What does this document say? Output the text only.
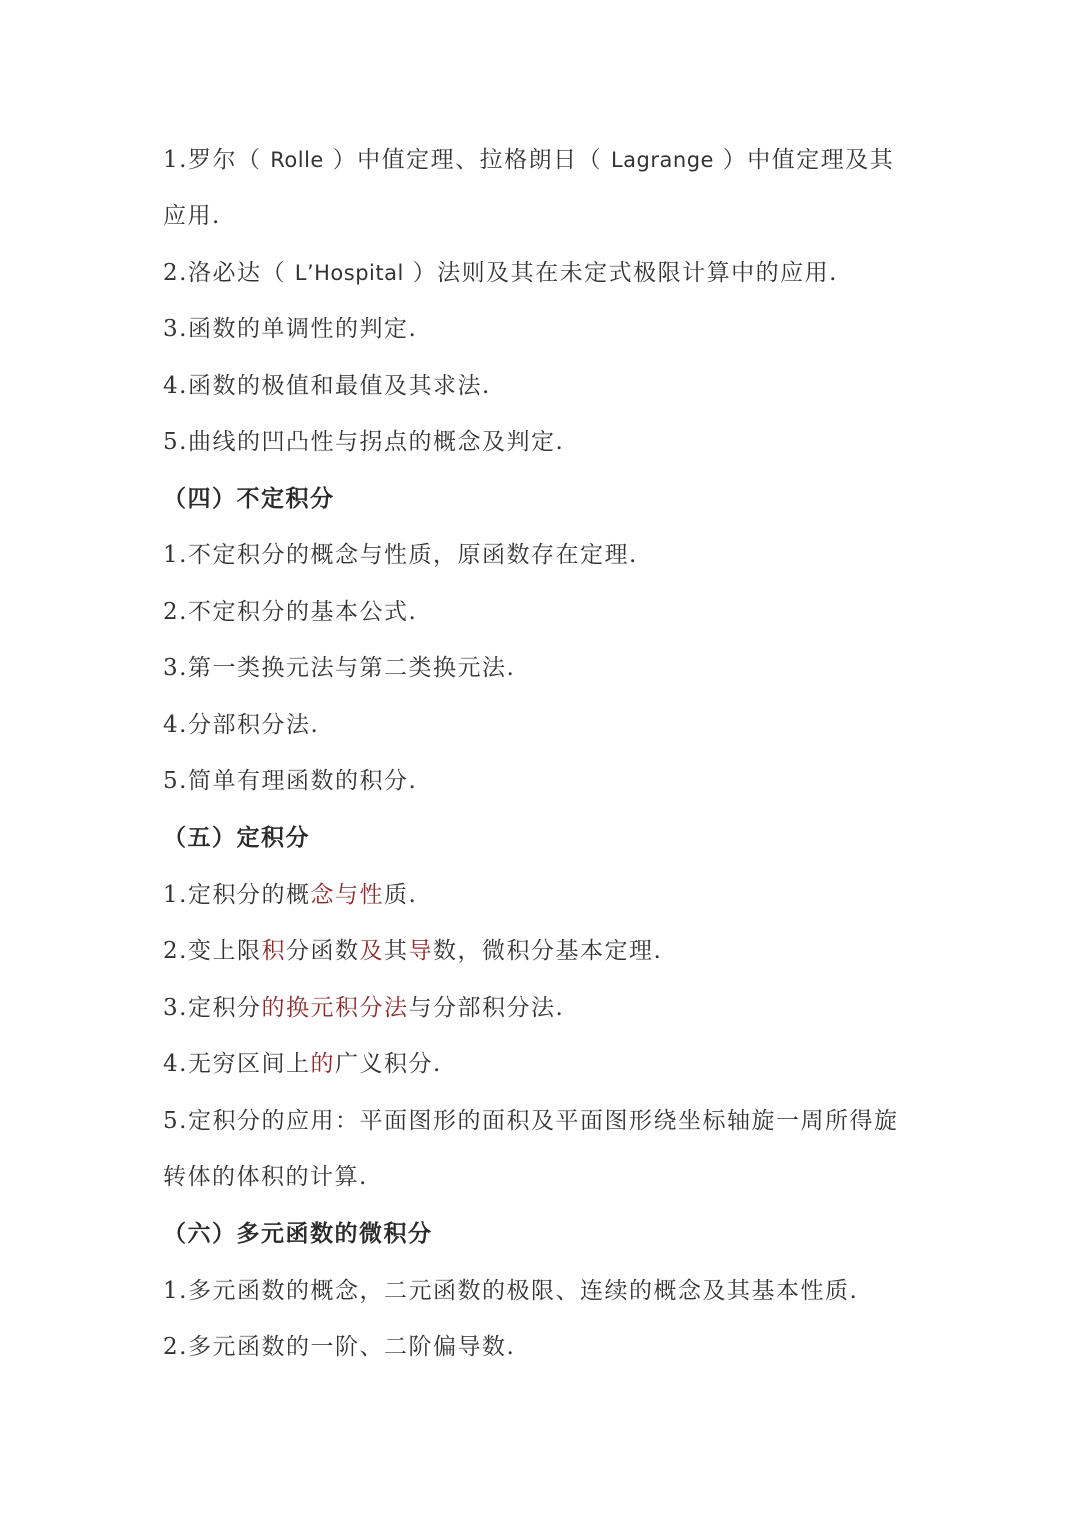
1.罗尔（ Rolle ）中值定理、拉格朗日（ Lagrange ）中值定理及其
应用.
2.洛必达（ L’Hospital ）法则及其在未定式极限计算中的应用.
3.函数的单调性的判定.
4.函数的极值和最值及其求法.
5.曲线的凹凸性与拐点的概念及判定.
（四）不定积分
1.不定积分的概念与性质，原函数存在定理.
2.不定积分的基本公式.
3.第一类换元法与第二类换元法.
4.分部积分法.
5.简单有理函数的积分.
（五）定积分
1.定积分的概念与性质.
2.变上限积分函数及其导数，微积分基本定理.
3.定积分的换元积分法与分部积分法.
4.无穷区间上的广义积分.
5.定积分的应用：平面图形的面积及平面图形绕坐标轴旋一周所得旋
转体的体积的计算.
（六）多元函数的微积分
1.多元函数的概念，二元函数的极限、连续的概念及其基本性质.
2.多元函数的一阶、二阶偏导数.
